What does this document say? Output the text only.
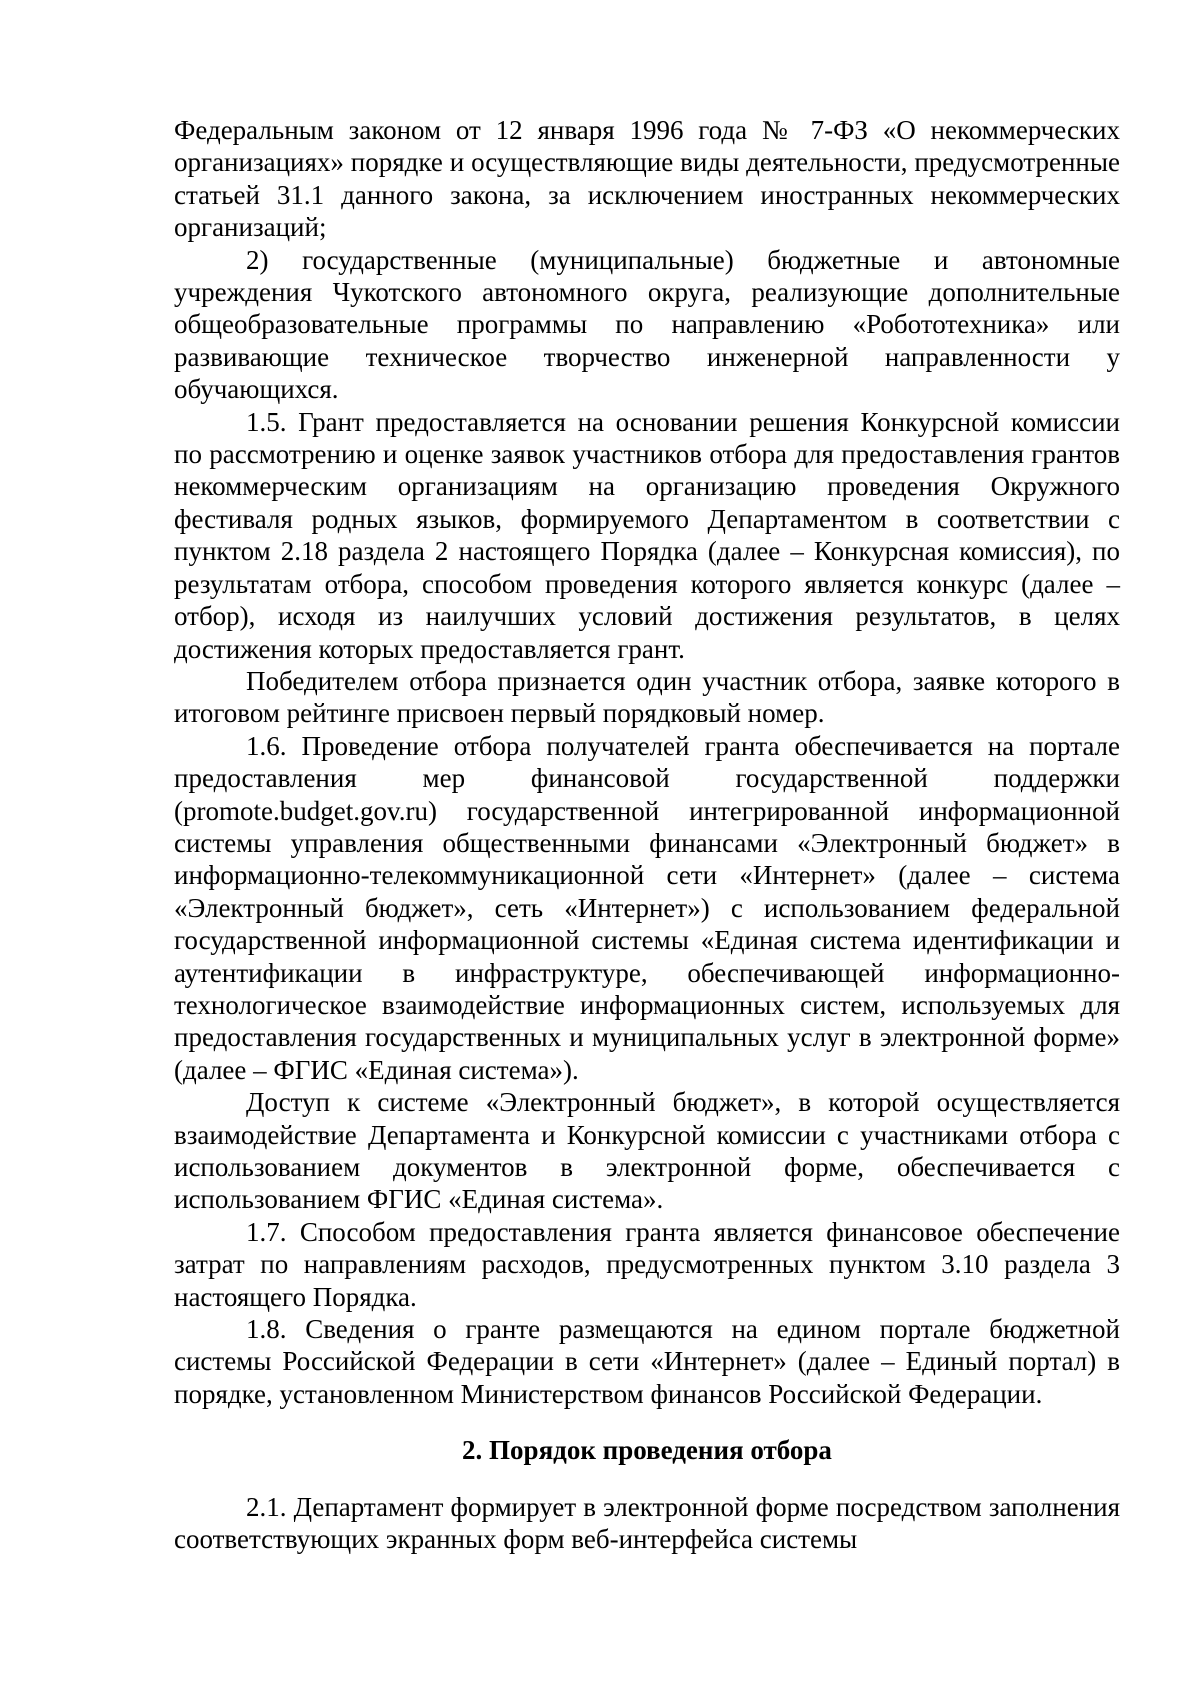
Федеральным законом от 12 января 1996 года № 7-ФЗ «О некоммерческих организациях» порядке и осуществляющие виды деятельности, предусмотренные статьей 31.1 данного закона, за исключением иностранных некоммерческих организаций;

2) государственные (муниципальные) бюджетные и автономные учреждения Чукотского автономного округа, реализующие дополнительные общеобразовательные программы по направлению «Робототехника» или развивающие техническое творчество инженерной направленности у обучающихся.

1.5. Грант предоставляется на основании решения Конкурсной комиссии по рассмотрению и оценке заявок участников отбора для предоставления грантов некоммерческим организациям на организацию проведения Окружного фестиваля родных языков, формируемого Департаментом в соответствии с пунктом 2.18 раздела 2 настоящего Порядка (далее – Конкурсная комиссия), по результатам отбора, способом проведения которого является конкурс (далее – отбор), исходя из наилучших условий достижения результатов, в целях достижения которых предоставляется грант.

Победителем отбора признается один участник отбора, заявке которого в итоговом рейтинге присвоен первый порядковый номер.

1.6. Проведение отбора получателей гранта обеспечивается на портале предоставления мер финансовой государственной поддержки (promote.budget.gov.ru) государственной интегрированной информационной системы управления общественными финансами «Электронный бюджет» в информационно-телекоммуникационной сети «Интернет» (далее – система «Электронный бюджет», сеть «Интернет») с использованием федеральной государственной информационной системы «Единая система идентификации и аутентификации в инфраструктуре, обеспечивающей информационно-технологическое взаимодействие информационных систем, используемых для предоставления государственных и муниципальных услуг в электронной форме» (далее – ФГИС «Единая система»).

Доступ к системе «Электронный бюджет», в которой осуществляется взаимодействие Департамента и Конкурсной комиссии с участниками отбора с использованием документов в электронной форме, обеспечивается с использованием ФГИС «Единая система».

1.7. Способом предоставления гранта является финансовое обеспечение затрат по направлениям расходов, предусмотренных пунктом 3.10 раздела 3 настоящего Порядка.

1.8. Сведения о гранте размещаются на едином портале бюджетной системы Российской Федерации в сети «Интернет» (далее – Единый портал) в порядке, установленном Министерством финансов Российской Федерации.

2. Порядок проведения отбора

2.1. Департамент формирует в электронной форме посредством заполнения соответствующих экранных форм веб-интерфейса системы
